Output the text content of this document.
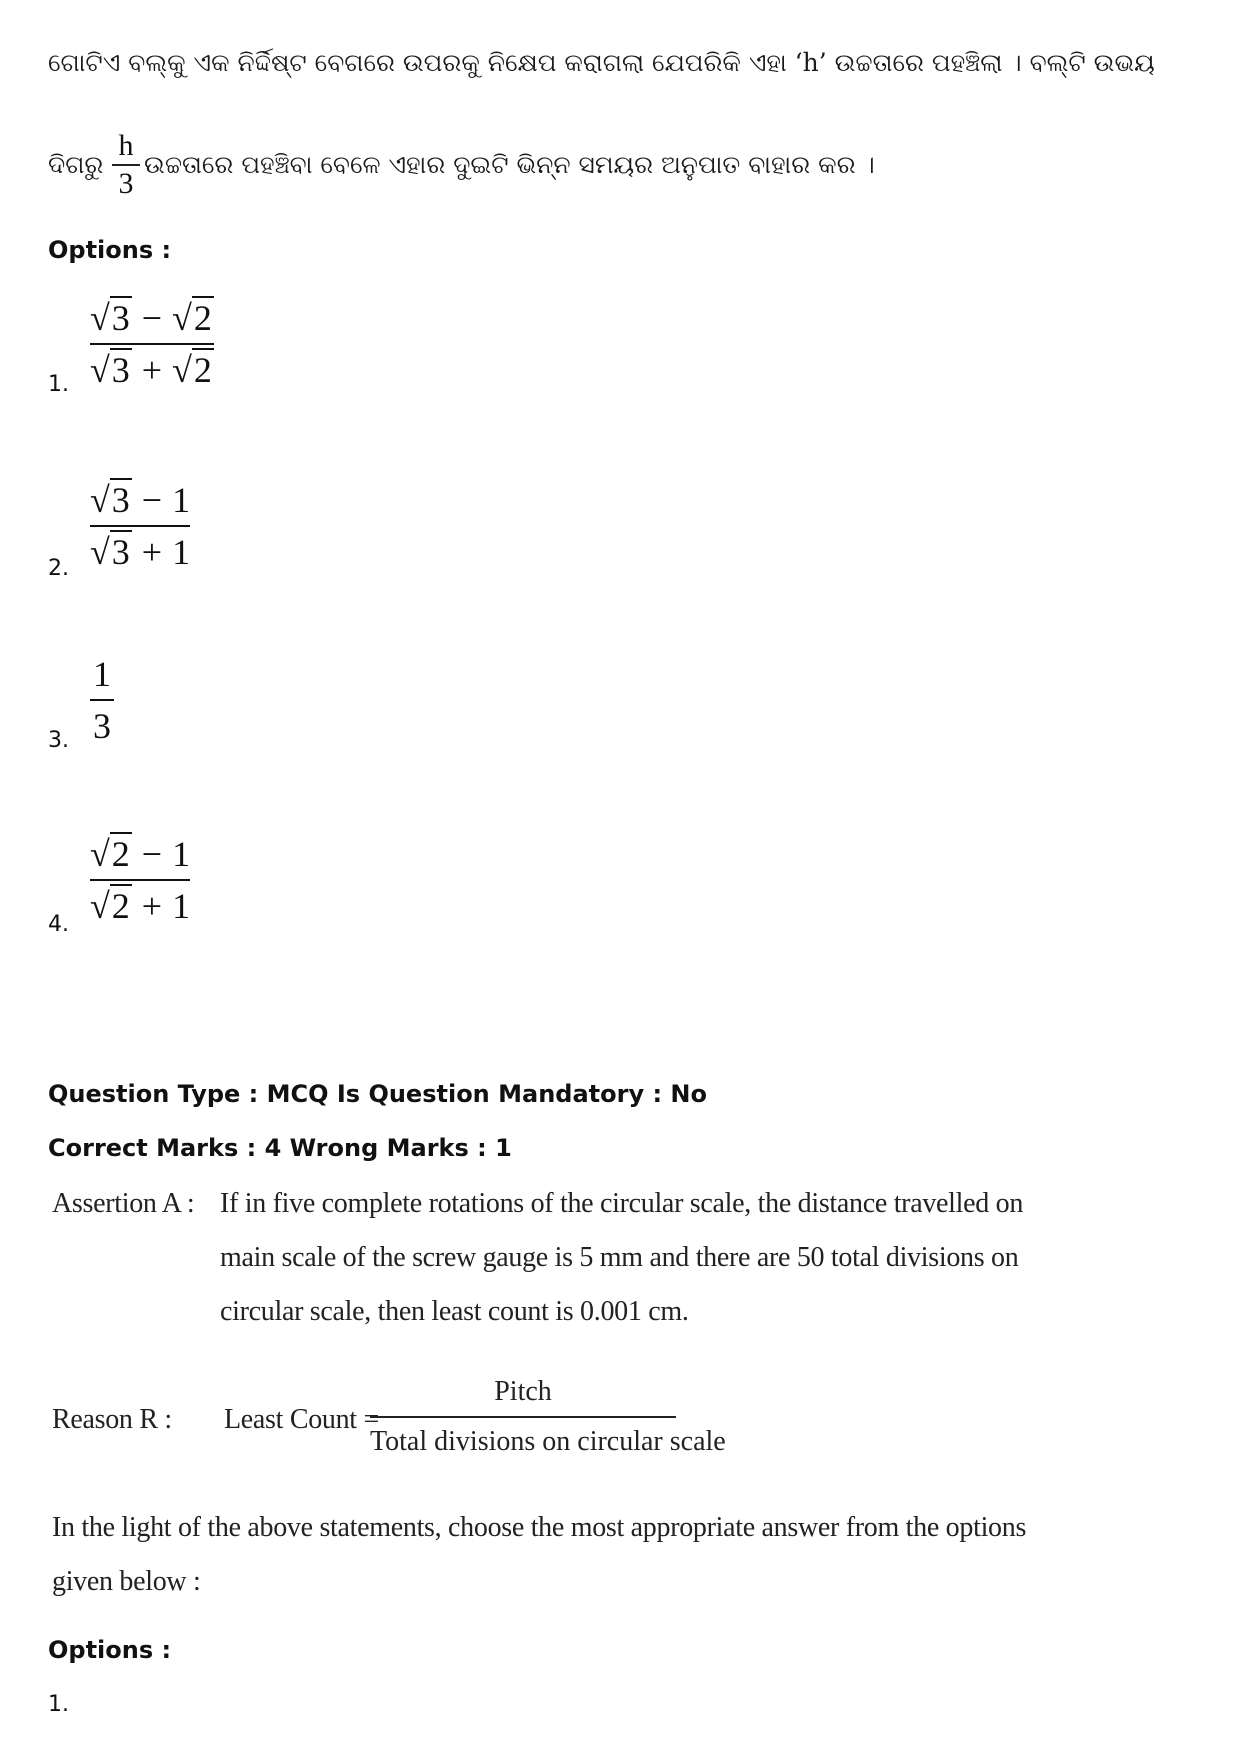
ଗୋଟିଏ ବଲ୍‌କୁ ଏକ ନିର୍ଦ୍ଦିଷ୍ଟ ବେଗରେ ଉପରକୁ ନିକ୍ଷେପ କରାଗଲା ଯେପରିକି ଏହା ‘h’ ଉଚ୍ଚତାରେ ପହଞ୍ଚିଲା । ବଲ୍‌ଟି ଉଭୟ
ଦିଗରୁ ଉଚ୍ଚତାରେ ପହଞ୍ଚିବା ବେଳେ ଏହାର ଦୁଇଟି ଭିନ୍ନ ସମୟର ଅନୁପାତ ବାହାର କର ।
h
3
Options :
1.
√3 − √2
√3 + √2
2.
√3 − 1
√3 + 1
3.
1
3
4.
√2 − 1
√2 + 1
Question Type : MCQ Is Question Mandatory : No
Correct Marks : 4 Wrong Marks : 1
Assertion A : If in five complete rotations of the circular scale, the distance travelled on
main scale of the screw gauge is 5 mm and there are 50 total divisions on
circular scale, then least count is 0.001 cm.
Reason R : Least Count =
Pitch
Total divisions on circular scale
In the light of the above statements, choose the most appropriate answer from the options
given below :
Options :
1.
